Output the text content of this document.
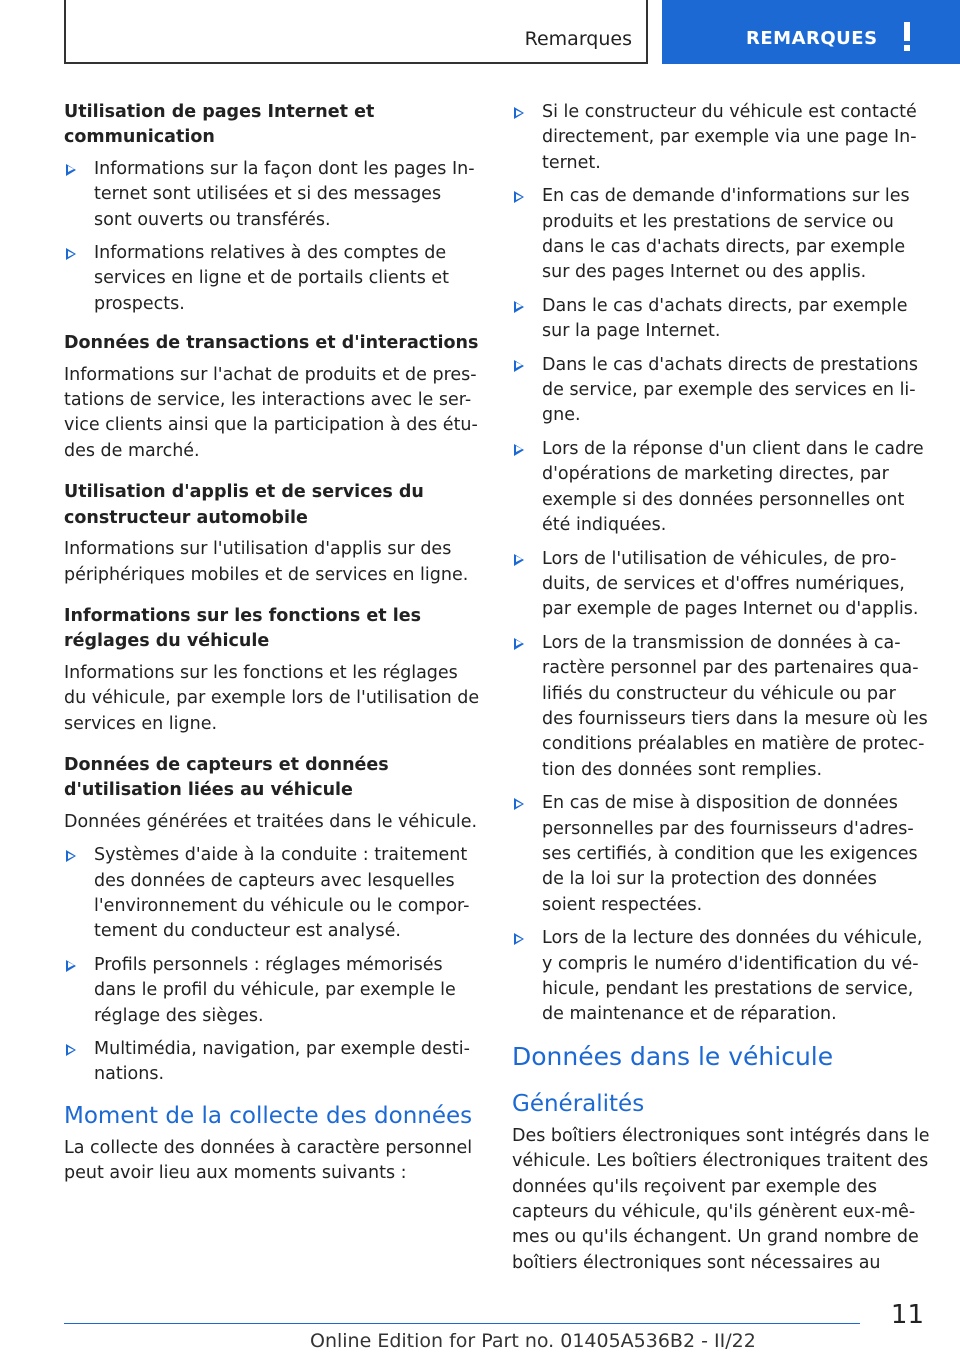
Remarques	REMARQUES
Utilisation de pages Internet et communication
Informations sur la façon dont les pages In-ternet sont utilisées et si des messages sont ouverts ou transférés.
Informations relatives à des comptes de services en ligne et de portails clients et prospects.
Données de transactions et d'interactions

Informations sur l'achat de produits et de pres-tations de service, les interactions avec le ser-vice clients ainsi que la participation à des étu-des de marché.

Utilisation d'applis et de services du constructeur automobile

Informations sur l'utilisation d'applis sur des périphériques mobiles et de services en ligne.

Informations sur les fonctions et les réglages du véhicule

Informations sur les fonctions et les réglages du véhicule, par exemple lors de l'utilisation de services en ligne.

Données de capteurs et données d'utilisation liées au véhicule

Données générées et traitées dans le véhicule.

Systèmes d'aide à la conduite : traitement des données de capteurs avec lesquelles l'environnement du véhicule ou le compor-tement du conducteur est analysé.
Profils personnels : réglages mémorisés dans le profil du véhicule, par exemple le réglage des sièges.
Multimédia, navigation, par exemple desti-nations.
Moment de la collecte des données

La collecte des données à caractère personnel peut avoir lieu aux moments suivants :

Si le constructeur du véhicule est contacté directement, par exemple via une page In-ternet.
En cas de demande d'informations sur les produits et les prestations de service ou dans le cas d'achats directs, par exemple sur des pages Internet ou des applis.
Dans le cas d'achats directs, par exemple sur la page Internet.
Dans le cas d'achats directs de prestations de service, par exemple des services en li-gne.
Lors de la réponse d'un client dans le cadre d'opérations de marketing directes, par exemple si des données personnelles ont été indiquées.
Lors de l'utilisation de véhicules, de pro-duits, de services et d'offres numériques, par exemple de pages Internet ou d'applis.
Lors de la transmission de données à ca-ractère personnel par des partenaires qua-lifiés du constructeur du véhicule ou par des fournisseurs tiers dans la mesure où les conditions préalables en matière de protec-tion des données sont remplies.
En cas de mise à disposition de données personnelles par des fournisseurs d'adres-ses certifiés, à condition que les exigences de la loi sur la protection des données soient respectées.
Lors de la lecture des données du véhicule, y compris le numéro d'identification du vé-hicule, pendant les prestations de service, de maintenance et de réparation.
Données dans le véhicule
Généralités

Des boîtiers électroniques sont intégrés dans le véhicule. Les boîtiers électroniques traitent des données qu'ils reçoivent par exemple des capteurs du véhicule, qu'ils génèrent eux-mê-mes ou qu'ils échangent. Un grand nombre de boîtiers électroniques sont nécessaires au

11
Online Edition for Part no. 01405A536B2 - II/22
